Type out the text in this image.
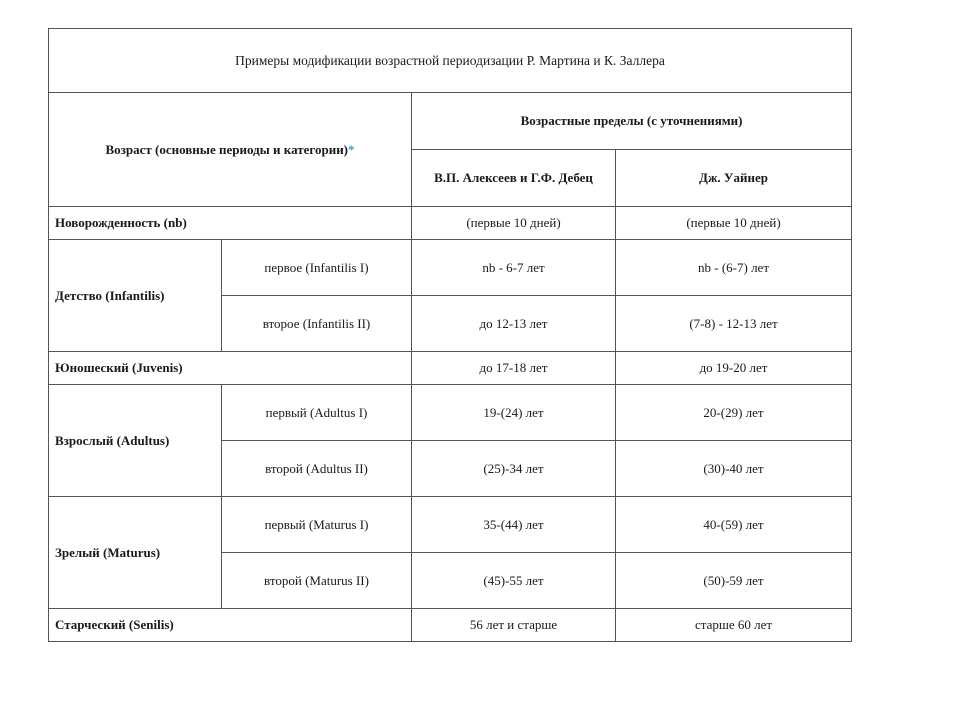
Примеры модификации возрастной периодизации Р. Мартина и К. Заллера			
Возраст (основные периоды и категории)*		Возрастные пределы (с уточнениями)	
		В.П. Алексеев и Г.Ф. Дебец	Дж. Уайнер
Новорожденность (nb)		(первые 10 дней)	(первые 10 дней)
Детство (Infantilis)	первое (Infantilis I)	nb - 6-7 лет	nb - (6-7) лет
	второе (Infantilis II)	до 12-13 лет	(7-8) - 12-13 лет
Юношеский (Juvenis)		до 17-18 лет	до 19-20 лет
Взрослый (Adultus)	первый (Adultus I)	19-(24) лет	20-(29) лет
	второй (Adultus II)	(25)-34 лет	(30)-40 лет
Зрелый (Maturus)	первый (Maturus I)	35-(44) лет	40-(59) лет
	второй (Maturus II)	(45)-55 лет	(50)-59 лет
Старческий (Senilis)		56 лет и старше	старше 60 лет
